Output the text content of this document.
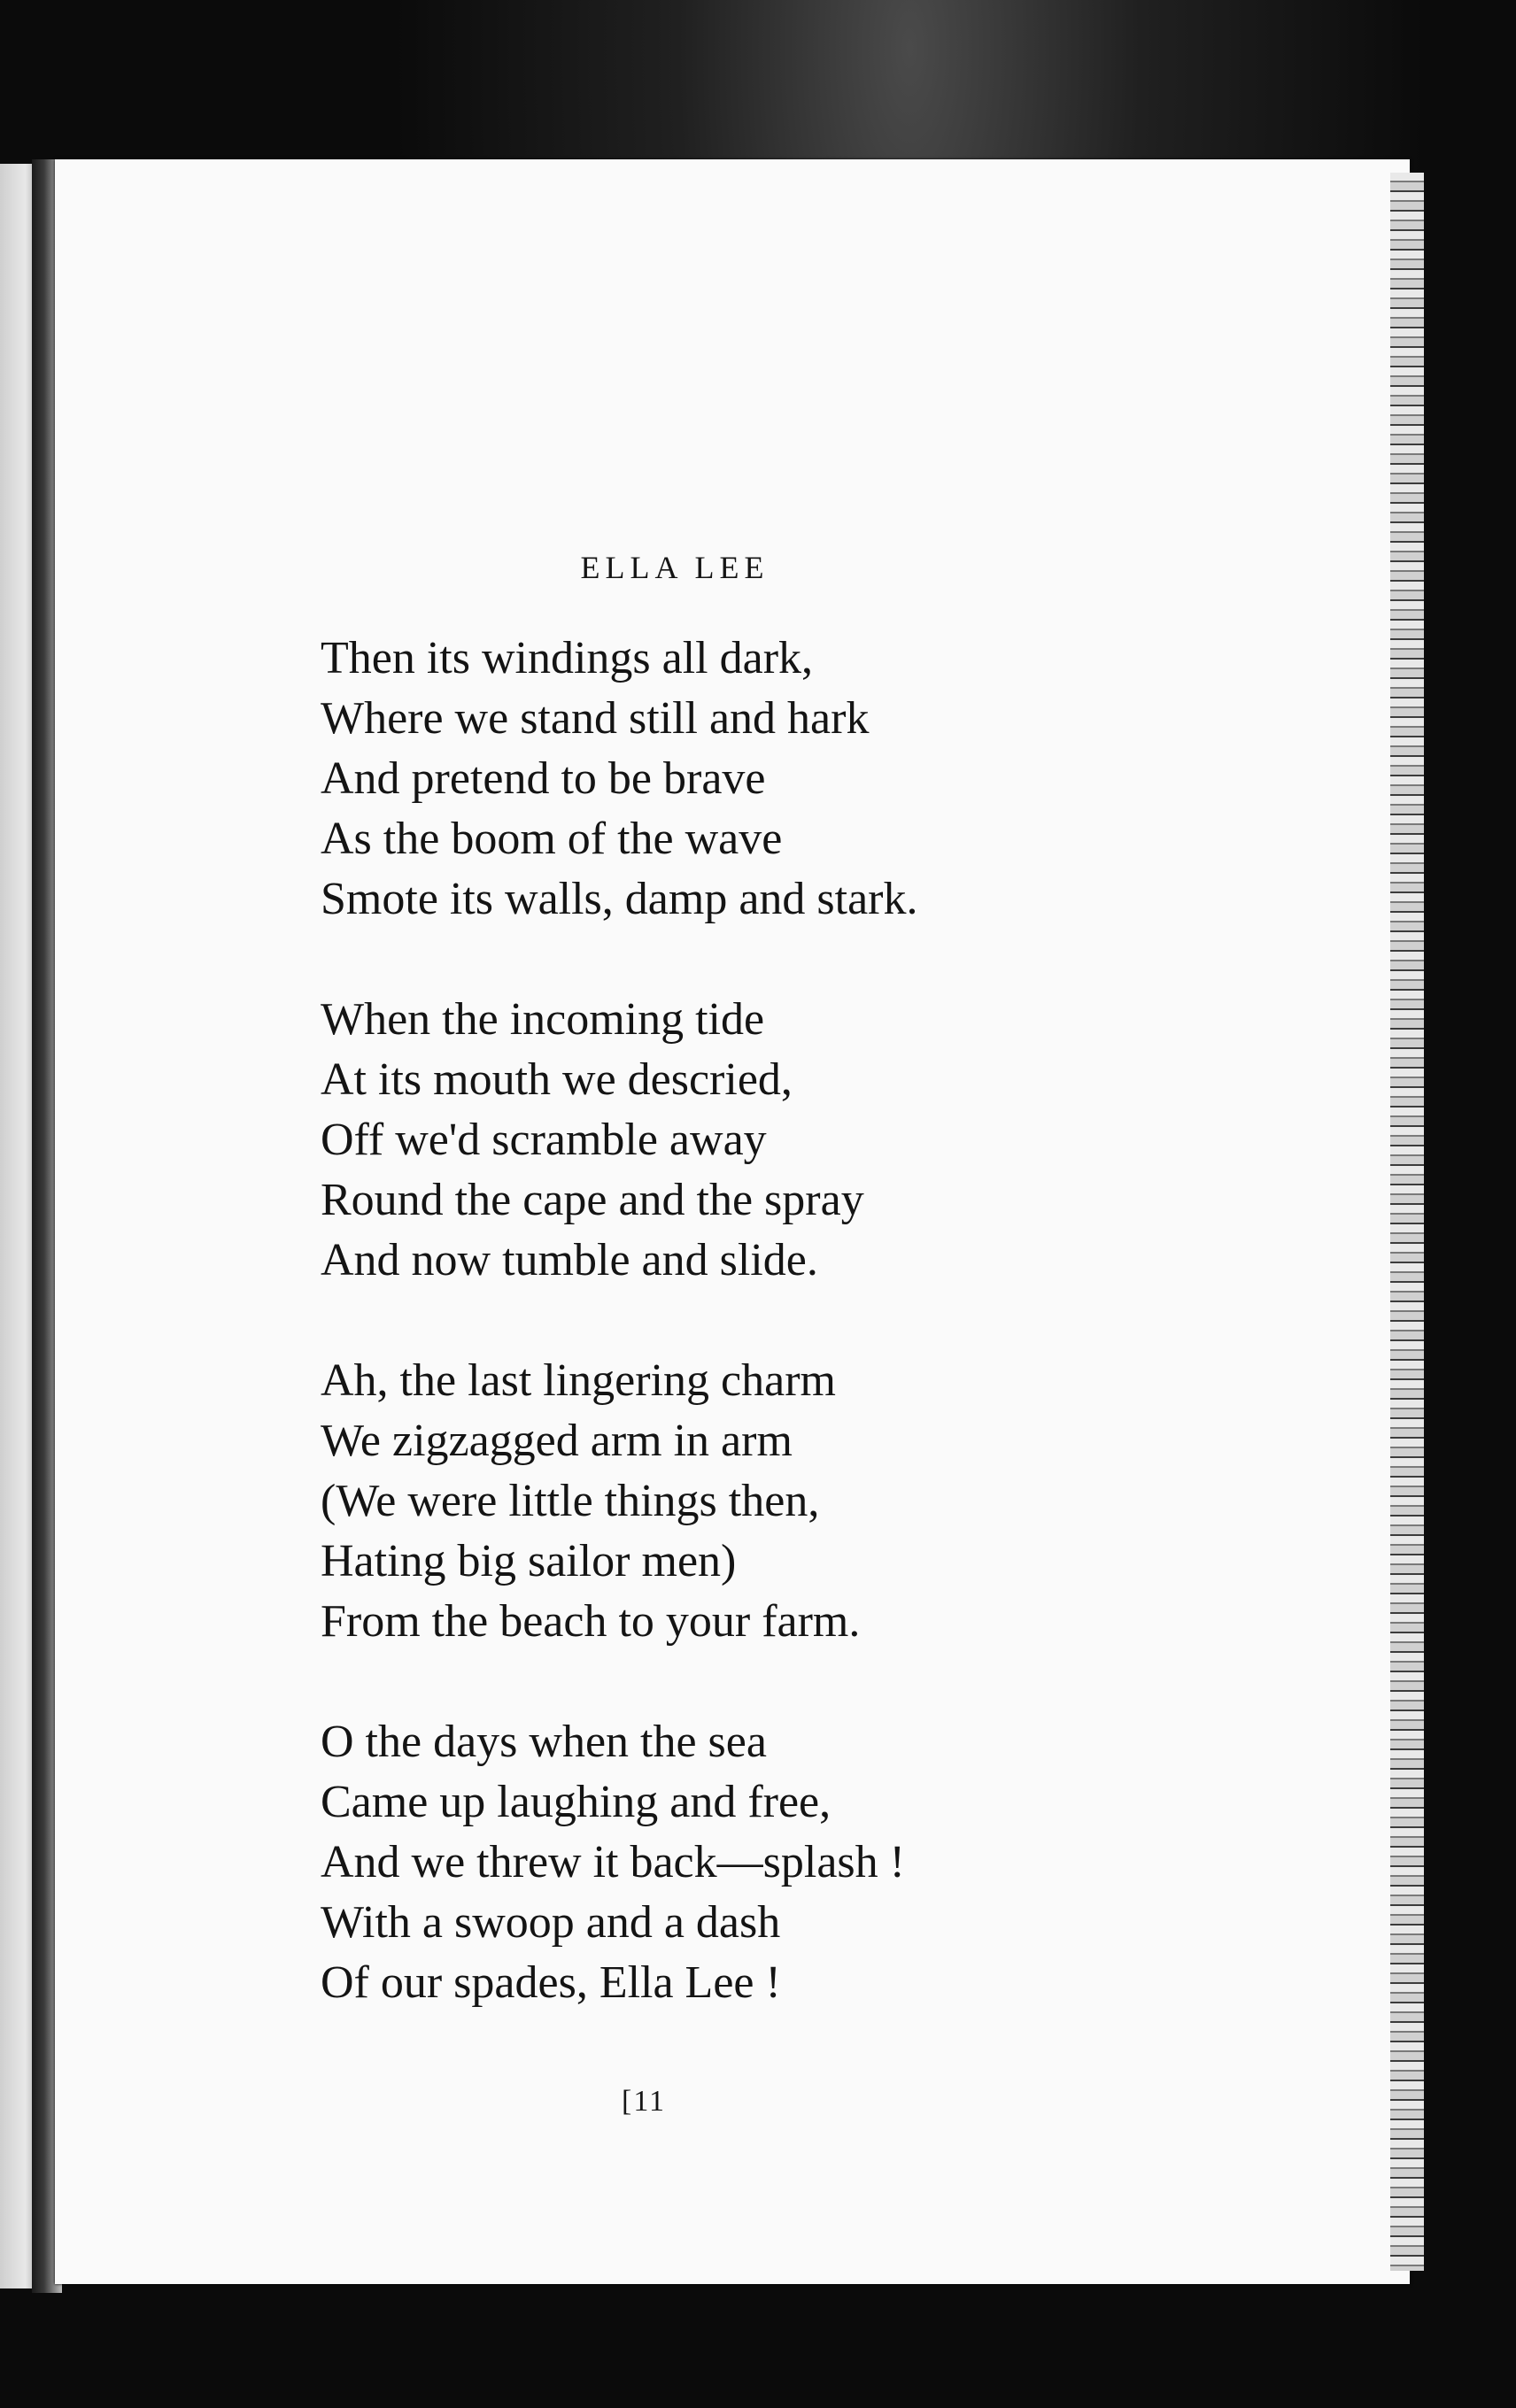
ELLA LEE
Then its windings all dark,
Where we stand still and hark
And pretend to be brave
As the boom of the wave
Smote its walls, damp and stark.
When the incoming tide
At its mouth we descried,
Off we'd scramble away
Round the cape and the spray
And now tumble and slide.
Ah, the last lingering charm
We zigzagged arm in arm
(We were little things then,
Hating big sailor men)
From the beach to your farm.
O the days when the sea
Came up laughing and free,
And we threw it back—splash !
With a swoop and a dash
Of our spades, Ella Lee !
[11
